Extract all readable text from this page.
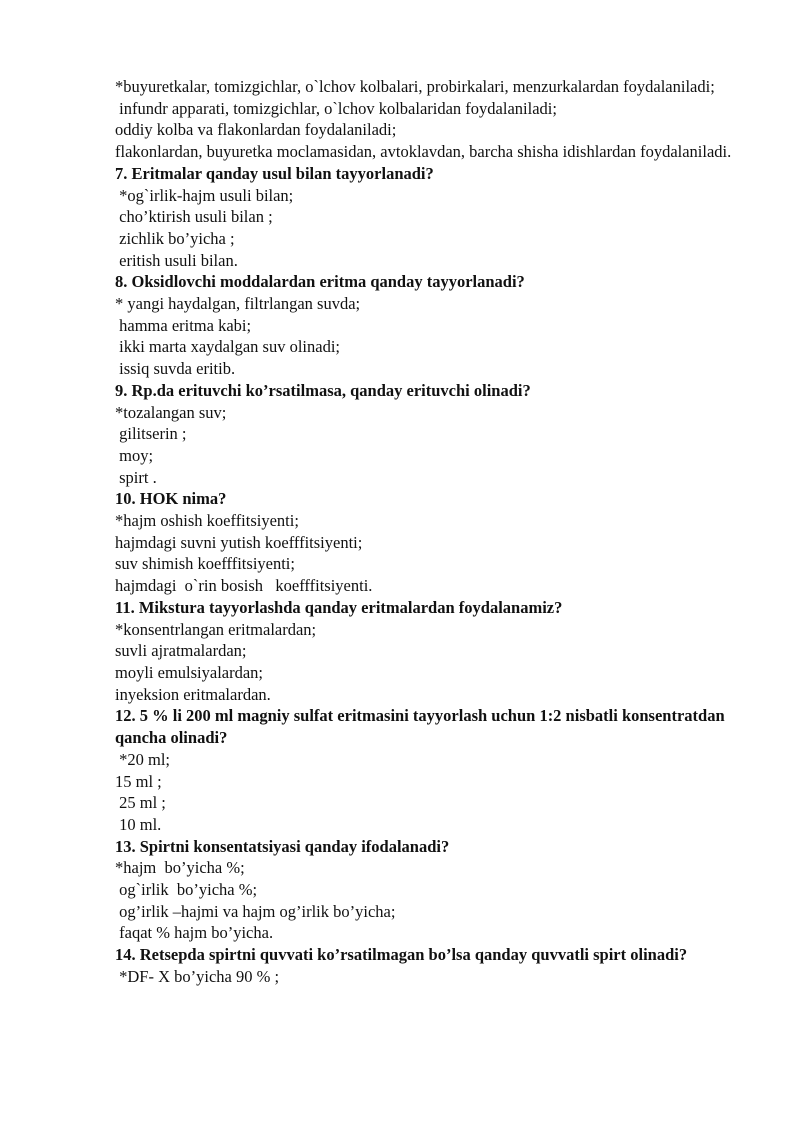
*buyuretkalar, tomizgichlar, o`lchov kolbalari, probirkalari, menzurkalardan foydalaniladi;
infundr apparati, tomizgichlar, o`lchov kolbalaridan foydalaniladi;
oddiy kolba va flakonlardan foydalaniladi;
flakonlardan, buyuretka moclamasidan, avtoklavdan, barcha shisha idishlardan foydalaniladi.
7. Eritmalar qanday usul bilan tayyorlanadi?
*og`irlik-hajm usuli bilan;
cho’ktirish usuli bilan ;
zichlik bo’yicha ;
eritish usuli bilan.
8. Oksidlovchi moddalardan eritma qanday tayyorlanadi?
* yangi haydalgan, filtrlangan suvda;
hamma eritma kabi;
ikki marta xaydalgan suv olinadi;
issiq suvda eritib.
9. Rp.da erituvchi ko’rsatilmasa, qanday erituvchi olinadi?
*tozalangan suv;
gilitserin ;
moy;
spirt .
10. HOK nima?
*hajm oshish koeffitsiyenti;
hajmdagi suvni yutish koefffitsiyenti;
suv shimish koefffitsiyenti;
hajmdagi  o`rin bosish   koefffitsiyenti.
11. Mikstura tayyorlashda qanday eritmalardan foydalanamiz?
*konsentrlangan eritmalardan;
suvli ajratmalardan;
moyli emulsiyalardan;
inyeksion eritmalardan.
12. 5 % li 200 ml magniy sulfat eritmasini tayyorlash uchun 1:2 nisbatli konsentratdan qancha olinadi?
*20 ml;
15 ml ;
25 ml ;
10 ml.
13. Spirtni konsentatsiyasi qanday ifodalanadi?
*hajm  bo’yicha %;
og`irlik  bo’yicha %;
og’irlik –hajmi va hajm og’irlik bo’yicha;
faqat % hajm bo’yicha.
14. Retsepda spirtni quvvati ko’rsatilmagan bo’lsa qanday quvvatli spirt olinadi?
*DF- X bo’yicha 90 % ;
